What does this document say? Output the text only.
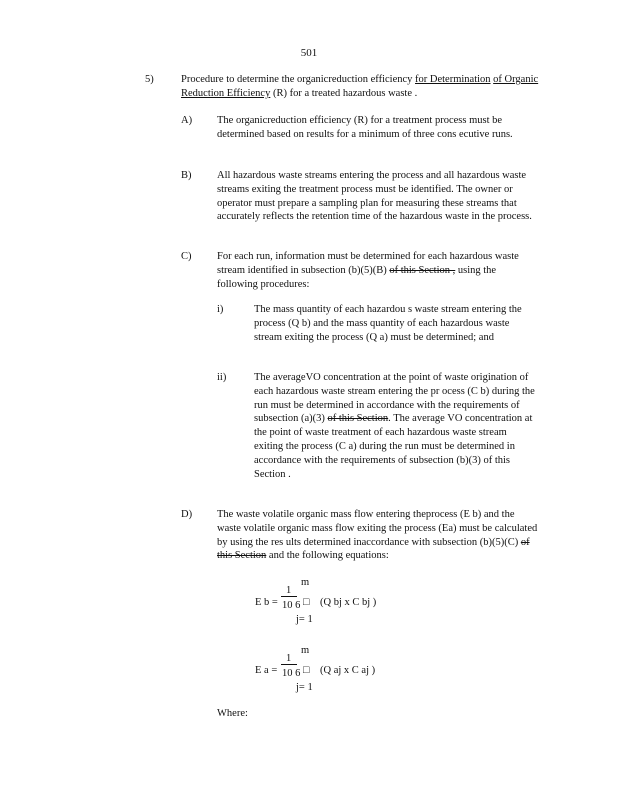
501
5)	Procedure to determine the organicreduction efficiency for Determination of Organic Reduction Efficiency (R) for a treated hazardous waste .
A) The organicreduction efficiency (R) for a treatment process must be determined based on results for a minimum of three cons ecutive runs.
B) All hazardous waste streams entering the process and all hazardous waste streams exiting the treatment process must be identified. The owner or operator must prepare a sampling plan for measuring these streams that accurately reflects the retention time of the hazardous waste in the process.
C) For each run, information must be determined for each hazardous waste stream identified in subsection (b)(5)(B) of this Section , using the following procedures:
i)	The mass quantity of each hazardou s waste stream entering the process (Q b) and the mass quantity of each hazardous waste stream exiting the process (Q a) must be determined; and
ii)	The averageVO concentration at the point of waste origination of each hazardous waste stream entering the pr ocess (C b) during the run must be determined in accordance with the requirements of subsection (a)(3) of this Section. The average VO concentration at the point of waste treatment of each hazardous waste stream exiting the process (C a) during the run must be determined in accordance with the requirements of subsection (b)(3) of this Section .
D) The waste volatile organic mass flow entering theprocess (E b) and the waste volatile organic mass flow exiting the process (Ea) must be calculated by using the res ults determined inaccordance with subsection (b)(5)(C) of this Section and the following equations:
m
E b =
1
10 6 □ (Q bj x C bj )
j= 1
m
E a =
1
10 6 □ (Q aj x C aj )
j= 1
Where:
